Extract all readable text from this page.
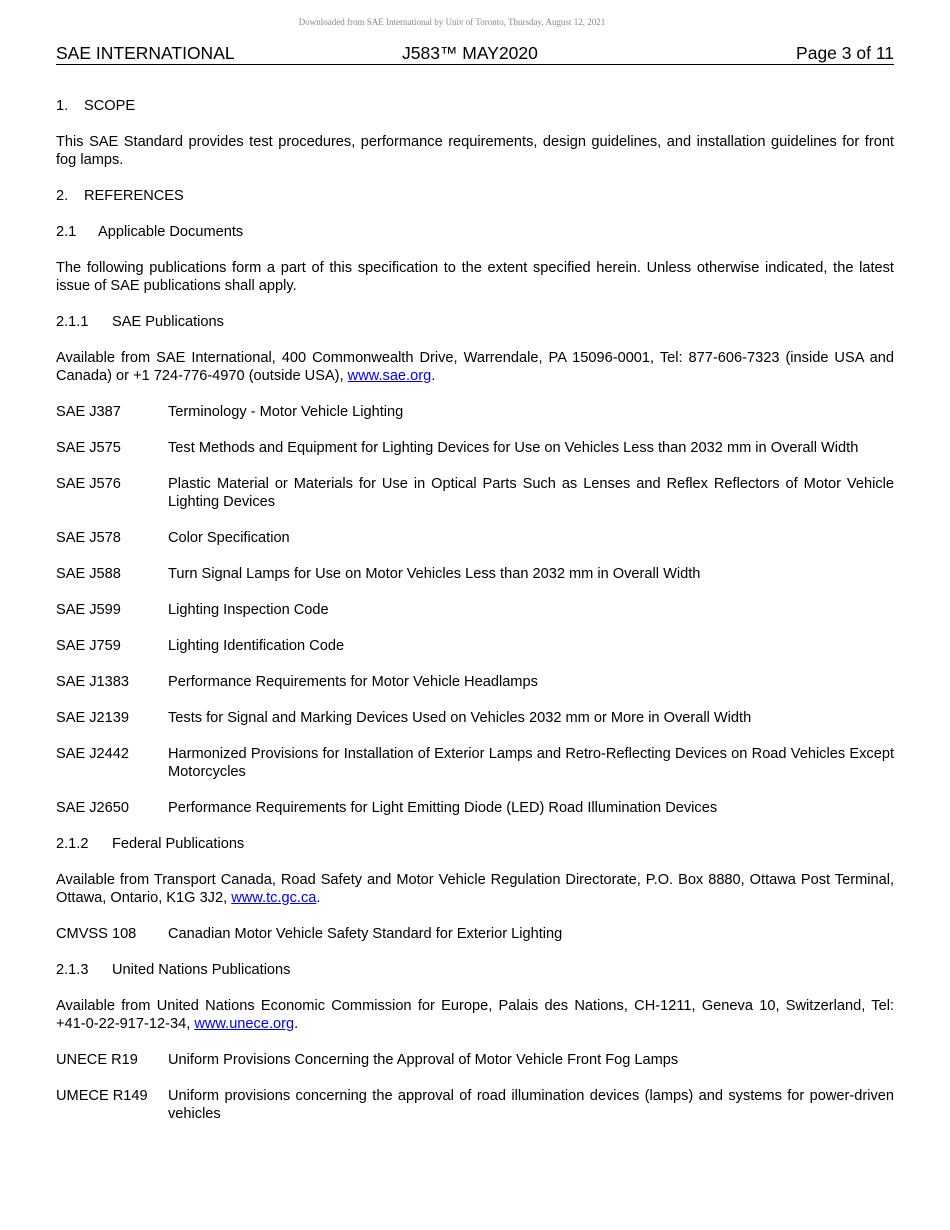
Downloaded from SAE International by Univ of Toronto, Thursday, August 12, 2021
SAE INTERNATIONAL	J583™ MAY2020	Page 3 of 11
1. SCOPE
This SAE Standard provides test procedures, performance requirements, design guidelines, and installation guidelines for front fog lamps.
2. REFERENCES
2.1 Applicable Documents
The following publications form a part of this specification to the extent specified herein. Unless otherwise indicated, the latest issue of SAE publications shall apply.
2.1.1 SAE Publications
Available from SAE International, 400 Commonwealth Drive, Warrendale, PA 15096-0001, Tel: 877-606-7323 (inside USA and Canada) or +1 724-776-4970 (outside USA), www.sae.org.
SAE J387	Terminology - Motor Vehicle Lighting
SAE J575	Test Methods and Equipment for Lighting Devices for Use on Vehicles Less than 2032 mm in Overall Width
SAE J576	Plastic Material or Materials for Use in Optical Parts Such as Lenses and Reflex Reflectors of Motor Vehicle Lighting Devices
SAE J578	Color Specification
SAE J588	Turn Signal Lamps for Use on Motor Vehicles Less than 2032 mm in Overall Width
SAE J599	Lighting Inspection Code
SAE J759	Lighting Identification Code
SAE J1383	Performance Requirements for Motor Vehicle Headlamps
SAE J2139	Tests for Signal and Marking Devices Used on Vehicles 2032 mm or More in Overall Width
SAE J2442	Harmonized Provisions for Installation of Exterior Lamps and Retro-Reflecting Devices on Road Vehicles Except Motorcycles
SAE J2650	Performance Requirements for Light Emitting Diode (LED) Road Illumination Devices
2.1.2 Federal Publications
Available from Transport Canada, Road Safety and Motor Vehicle Regulation Directorate, P.O. Box 8880, Ottawa Post Terminal, Ottawa, Ontario, K1G 3J2, www.tc.gc.ca.
CMVSS 108	Canadian Motor Vehicle Safety Standard for Exterior Lighting
2.1.3 United Nations Publications
Available from United Nations Economic Commission for Europe, Palais des Nations, CH-1211, Geneva 10, Switzerland, Tel: +41-0-22-917-12-34, www.unece.org.
UNECE R19	Uniform Provisions Concerning the Approval of Motor Vehicle Front Fog Lamps
UMECE R149	Uniform provisions concerning the approval of road illumination devices (lamps) and systems for power-driven vehicles
